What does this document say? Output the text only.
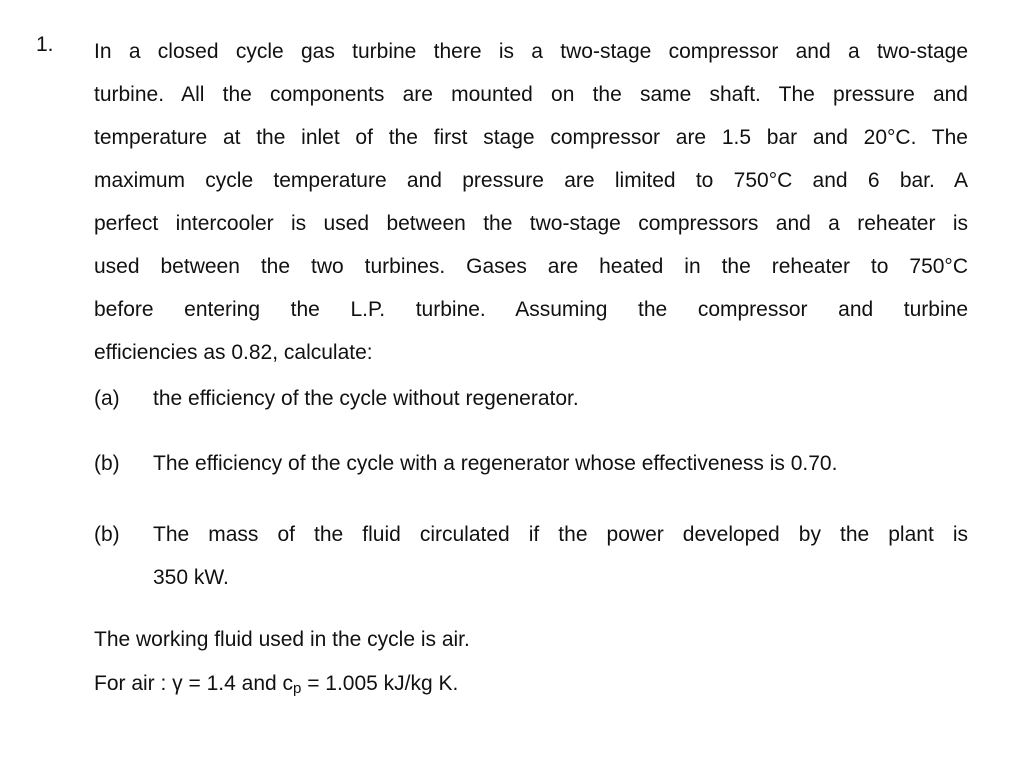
1. In a closed cycle gas turbine there is a two-stage compressor and a two-stage
turbine. All the components are mounted on the same shaft. The pressure and
temperature at the inlet of the first stage compressor are 1.5 bar and 20°C. The
maximum cycle temperature and pressure are limited to 750°C and 6 bar. A
perfect intercooler is used between the two-stage compressors and a reheater is
used between the two turbines. Gases are heated in the reheater to 750°C
before entering the L.P. turbine. Assuming the compressor and turbine
efficiencies as 0.82, calculate:
(a) the efficiency of the cycle without regenerator.
(b) The efficiency of the cycle with a regenerator whose effectiveness is 0.70.
(b) The mass of the fluid circulated if the power developed by the plant is
350 kW.
The working fluid used in the cycle is air.
For air : γ = 1.4 and $c_p = 1.005$ kJ/kg K.
